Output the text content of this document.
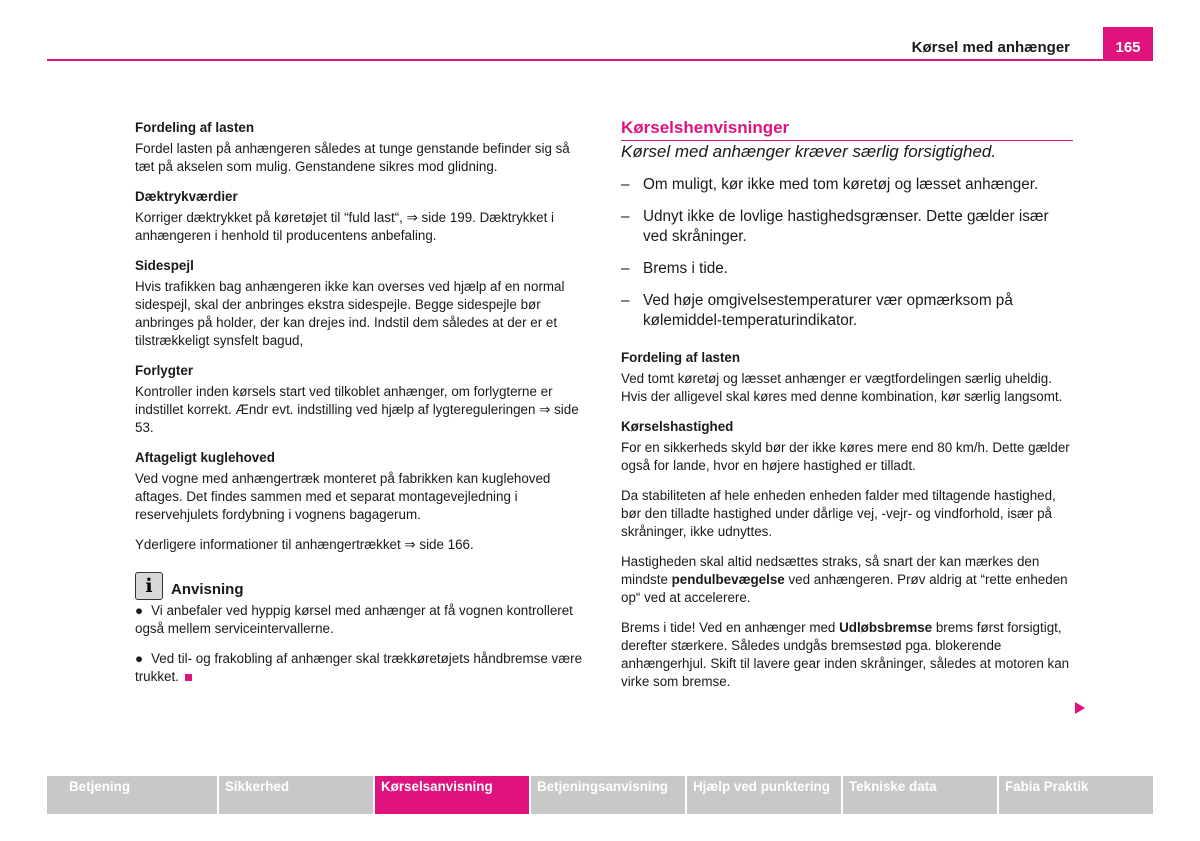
Kørsel med anhænger	165
Fordeling af lasten

Fordel lasten på anhængeren således at tunge genstande befinder sig så tæt på akselen som mulig. Genstandene sikres mod glidning.

Dæktrykværdier

Korriger dæktrykket på køretøjet til “fuld last“, ⇒ side 199. Dæktrykket i anhængeren i henhold til producentens anbefaling.

Sidespejl

Hvis trafikken bag anhængeren ikke kan overses ved hjælp af en normal sidespejl, skal der anbringes ekstra sidespejle. Begge sidespejle bør anbringes på holder, der kan drejes ind. Indstil dem således at der er et tilstrækkeligt synsfelt bagud,

Forlygter

Kontroller inden kørsels start ved tilkoblet anhænger, om forlygterne er indstillet korrekt. Ændr evt. indstilling ved hjælp af lygtereguleringen ⇒ side 53.

Aftageligt kuglehoved

Ved vogne med anhængertræk monteret på fabrikken kan kuglehoved aftages. Det findes sammen med et separat montagevejledning i reservehjulets fordybning i vognens bagagerum.

Yderligere informationer til anhængertrækket ⇒ side 166.

i	Anvisning

● Vi anbefaler ved hyppig kørsel med anhænger at få vognen kontrolleret også mellem serviceintervallerne.

● Ved til- og frakobling af anhænger skal trækkøretøjets håndbremse være trukket.

Kørselshenvisninger

Kørsel med anhænger kræver særlig forsigtighed.

– Om muligt, kør ikke med tom køretøj og læsset anhænger.
– Udnyt ikke de lovlige hastighedsgrænser. Dette gælder især ved skråninger.
– Brems i tide.
– Ved høje omgivelsestemperaturer vær opmærksom på kølemiddel-temperaturindikator.
Fordeling af lasten

Ved tomt køretøj og læsset anhænger er vægtfordelingen særlig uheldig. Hvis der alligevel skal køres med denne kombination, kør særlig langsomt.

Kørselshastighed

For en sikkerheds skyld bør der ikke køres mere end 80 km/h. Dette gælder også for lande, hvor en højere hastighed er tilladt.

Da stabiliteten af hele enheden enheden falder med tiltagende hastighed, bør den tilladte hastighed under dårlige vej, -vejr- og vindforhold, især på skråninger, ikke udnyttes.

Hastigheden skal altid nedsættes straks, så snart der kan mærkes den mindste pendulbevægelse ved anhængeren. Prøv aldrig at “rette enheden op“ ved at accelerere.

Brems i tide! Ved en anhænger med Udløbsbremse brems først forsigtigt, derefter stærkere. Således undgås bremsestød pga. blokerende anhængerhjul. Skift til lavere gear inden skråninger, således at motoren kan virke som bremse.

Betjening	Sikkerhed	Kørselsanvisning	Betjeningsanvisning	Hjælp ved punktering	Tekniske data	Fabia Praktik
